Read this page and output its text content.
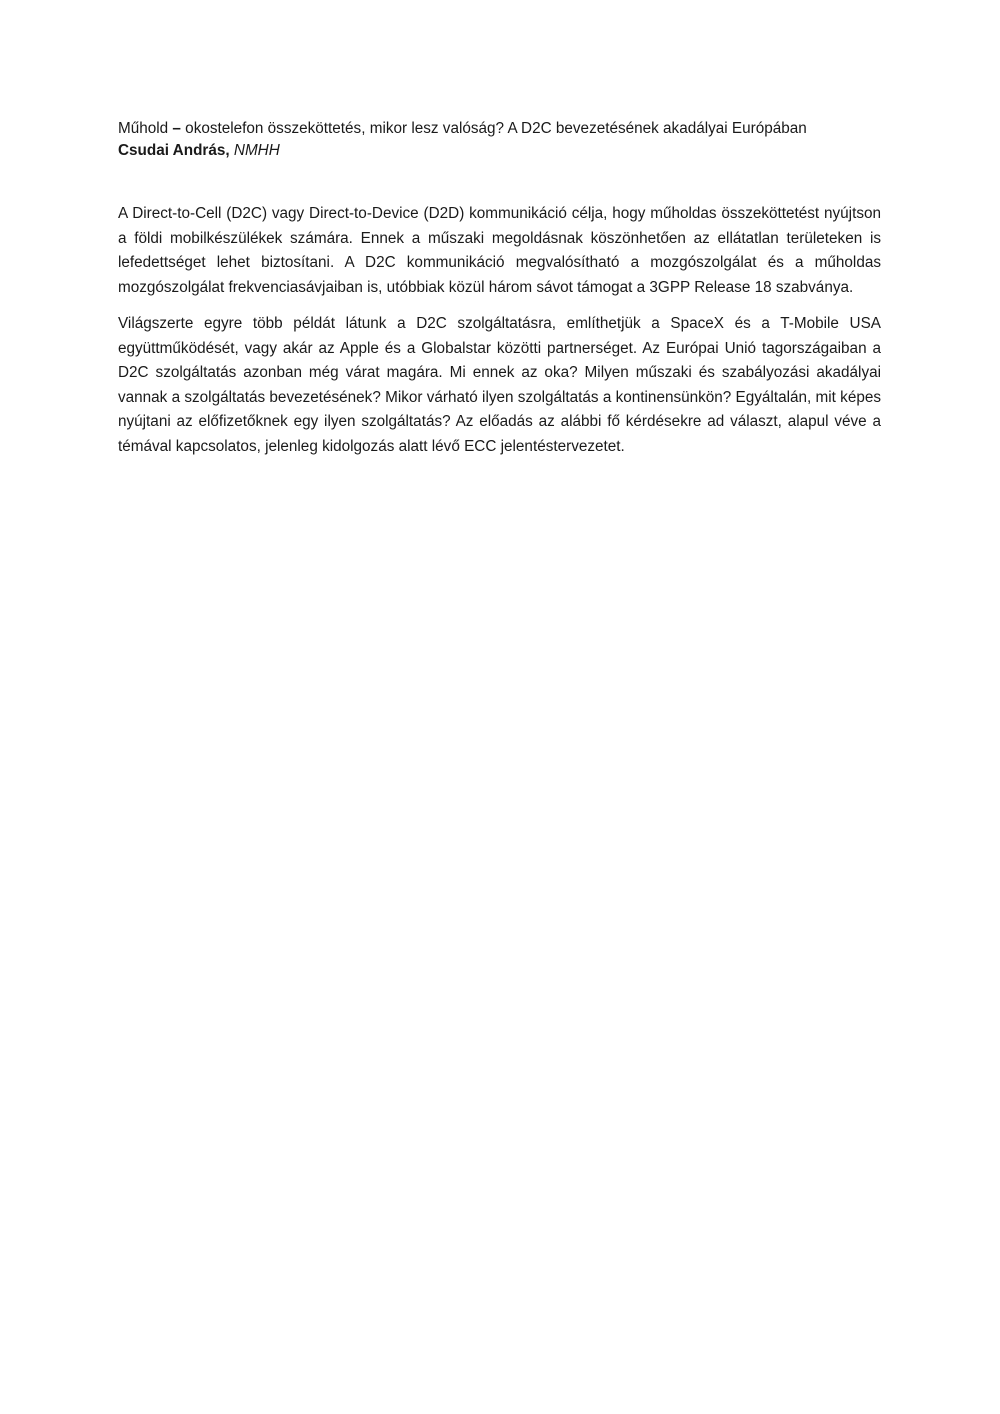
Műhold – okostelefon összeköttetés, mikor lesz valóság? A D2C bevezetésének akadályai Európában

Csudai András, NMHH

A Direct-to-Cell (D2C) vagy Direct-to-Device (D2D) kommunikáció célja, hogy műholdas összeköttetést nyújtson a földi mobilkészülékek számára. Ennek a műszaki megoldásnak köszönhetően az ellátatlan területeken is lefedettséget lehet biztosítani. A D2C kommunikáció megvalósítható a mozgószolgálat és a műholdas mozgószolgálat frekvenciasávjaiban is, utóbbiak közül három sávot támogat a 3GPP Release 18 szabványa.

Világszerte egyre több példát látunk a D2C szolgáltatásra, említhetjük a SpaceX és a T-Mobile USA együttműködését, vagy akár az Apple és a Globalstar közötti partnerséget. Az Európai Unió tagországaiban a D2C szolgáltatás azonban még várat magára. Mi ennek az oka? Milyen műszaki és szabályozási akadályai vannak a szolgáltatás bevezetésének? Mikor várható ilyen szolgáltatás a kontinensünkön? Egyáltalán, mit képes nyújtani az előfizetőknek egy ilyen szolgáltatás? Az előadás az alábbi fő kérdésekre ad választ, alapul véve a témával kapcsolatos, jelenleg kidolgozás alatt lévő ECC jelentéstervezetet.
